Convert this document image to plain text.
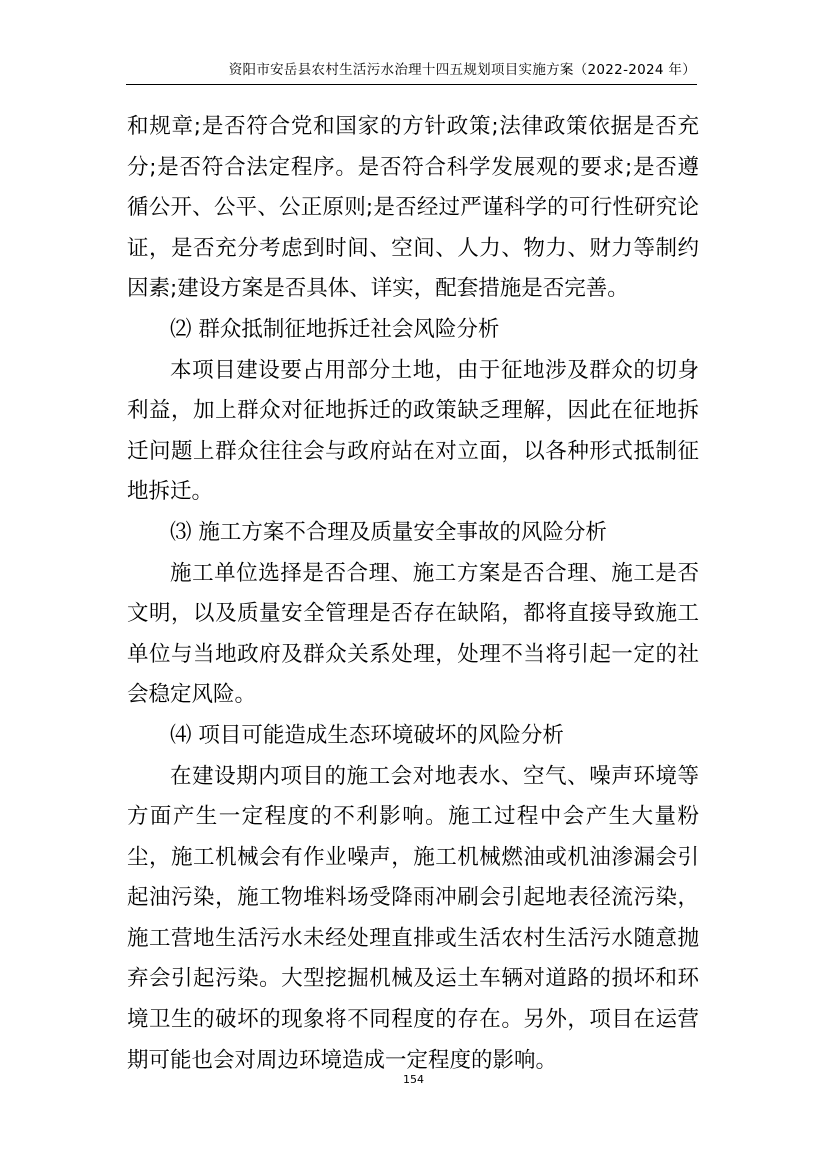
资阳市安岳县农村生活污水治理十四五规划项目实施方案（2022-2024 年）

和规章;是否符合党和国家的方针政策;法律政策依据是否充分;是否符合法定程序。是否符合科学发展观的要求;是否遵循公开、公平、公正原则;是否经过严谨科学的可行性研究论证，是否充分考虑到时间、空间、人力、物力、财力等制约因素;建设方案是否具体、详实，配套措施是否完善。

⑵ 群众抵制征地拆迁社会风险分析

本项目建设要占用部分土地，由于征地涉及群众的切身利益，加上群众对征地拆迁的政策缺乏理解，因此在征地拆迁问题上群众往往会与政府站在对立面，以各种形式抵制征地拆迁。

⑶ 施工方案不合理及质量安全事故的风险分析

施工单位选择是否合理、施工方案是否合理、施工是否文明，以及质量安全管理是否存在缺陷，都将直接导致施工单位与当地政府及群众关系处理，处理不当将引起一定的社会稳定风险。

⑷ 项目可能造成生态环境破坏的风险分析

在建设期内项目的施工会对地表水、空气、噪声环境等方面产生一定程度的不利影响。施工过程中会产生大量粉尘，施工机械会有作业噪声，施工机械燃油或机油渗漏会引起油污染，施工物堆料场受降雨冲刷会引起地表径流污染，施工营地生活污水未经处理直排或生活农村生活污水随意抛弃会引起污染。大型挖掘机械及运土车辆对道路的损坏和环境卫生的破坏的现象将不同程度的存在。另外，项目在运营期可能也会对周边环境造成一定程度的影响。

154
